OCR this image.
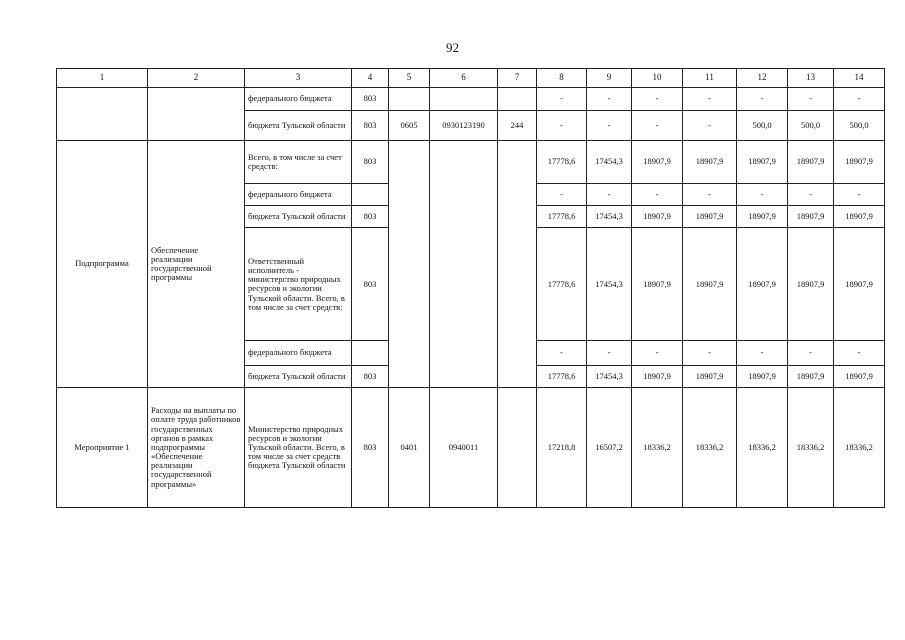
92
1	2	3	4	5	6	7	8	9	10	11	12	13	14
		федерального бюджета	803				-	-	-	-	-	-	-
		бюджета Тульской области	803	0605	0930123190	244	-	-	-	-	500,0	500,0	500,0
Подпрограмма	Обеспечение реализации государственной программы	Всего, в том числе за счет средств:	803				17778,6	17454,3	18907,9	18907,9	18907,9	18907,9	18907,9
		федерального бюджета					-	-	-	-	-	-	-
		бюджета Тульской области	803				17778,6	17454,3	18907,9	18907,9	18907,9	18907,9	18907,9
		Ответственный исполнитель - министерство природных ресурсов и экологии Тульской области. Всего, в том числе за счет средств:	803				17778,6	17454,3	18907,9	18907,9	18907,9	18907,9	18907,9
		федерального бюджета					-	-	-	-	-	-	-
		бюджета Тульской области	803				17778,6	17454,3	18907,9	18907,9	18907,9	18907,9	18907,9
Мероприятие 1	Расходы на выплаты по оплате труда работников государственных органов в рамках подпрограммы «Обеспечение реализации государственной программы»	Министерство природных ресурсов и экологии Тульской области. Всего, в том числе за счет средств бюджета Тульской области	803	0401	0940011		17218,8	16507,2	18336,2	18336,2	18336,2	18336,2	18336,2
